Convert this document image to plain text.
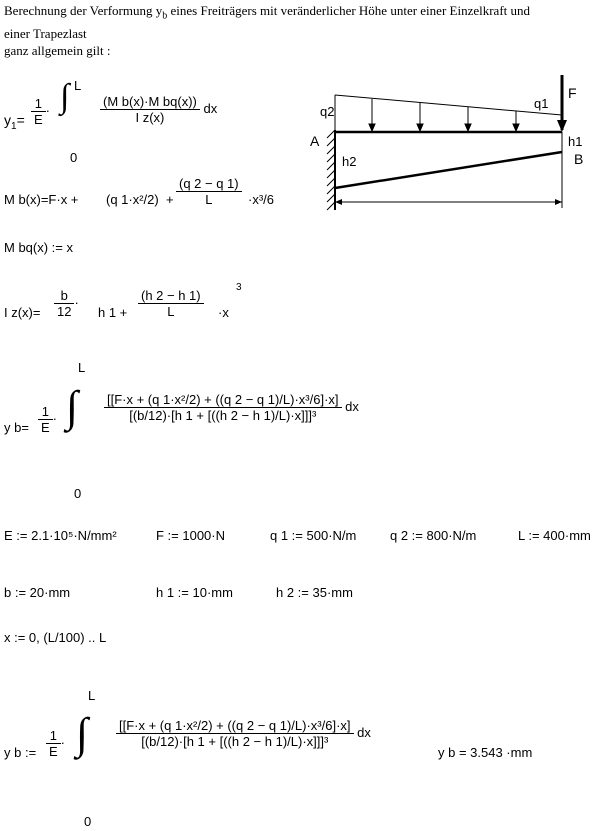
Berechnung der Verformung $y_b$ eines Freiträgers mit veränderlicher Höhe unter einer Einzelkraft und
einer Trapezlast
ganz allgemein gilt :
$y_1= \frac{1}{E}$ · ∫ L
0
$\frac{\text{(M b(x)·M bq(x))}}{\text{I z(x)}}$ dx
M b(x)=F·x + (q $1\cdot x^2/2) + \frac{(q 2 - q 1)}{L} \cdot x^3/6$
M bq(x) := x
I $z(x)= \frac{b}{12}$ ·
h $1 + \frac{(h 2 - h 1)}{L} \cdot x$
3
q2
q1
F
A
h2
h1
B
y $b= \frac{1}{E}$ · ∫
L
0
$\frac{\text{[[F·x + (q 1·x²/2) + ((q 2 − q 1)/L)·x³/6]·x]}}{\text{[(b/12)·[h 1 + [((h 2 − h 1)/L)·x]]]³}}$ dx
E := 2.1·10⁵·N/mm²	F := 1000·N	q 1 := 500·N/m	q 2 := 800·N/m	L := 400·mm
b := 20·mm	h 1 := 10·mm	h 2 := 35·mm
x := 0, (L/100) .. L
y b := $\frac{1}{E}$ · ∫
L
0
$\frac{\text{[[F·x + (q 1·x²/2) + ((q 2 − q 1)/L)·x³/6]·x]}}{\text{[(b/12)·[h 1 + [((h 2 − h 1)/L)·x]]]³}}$ dx
y b = 3.543 ·mm
